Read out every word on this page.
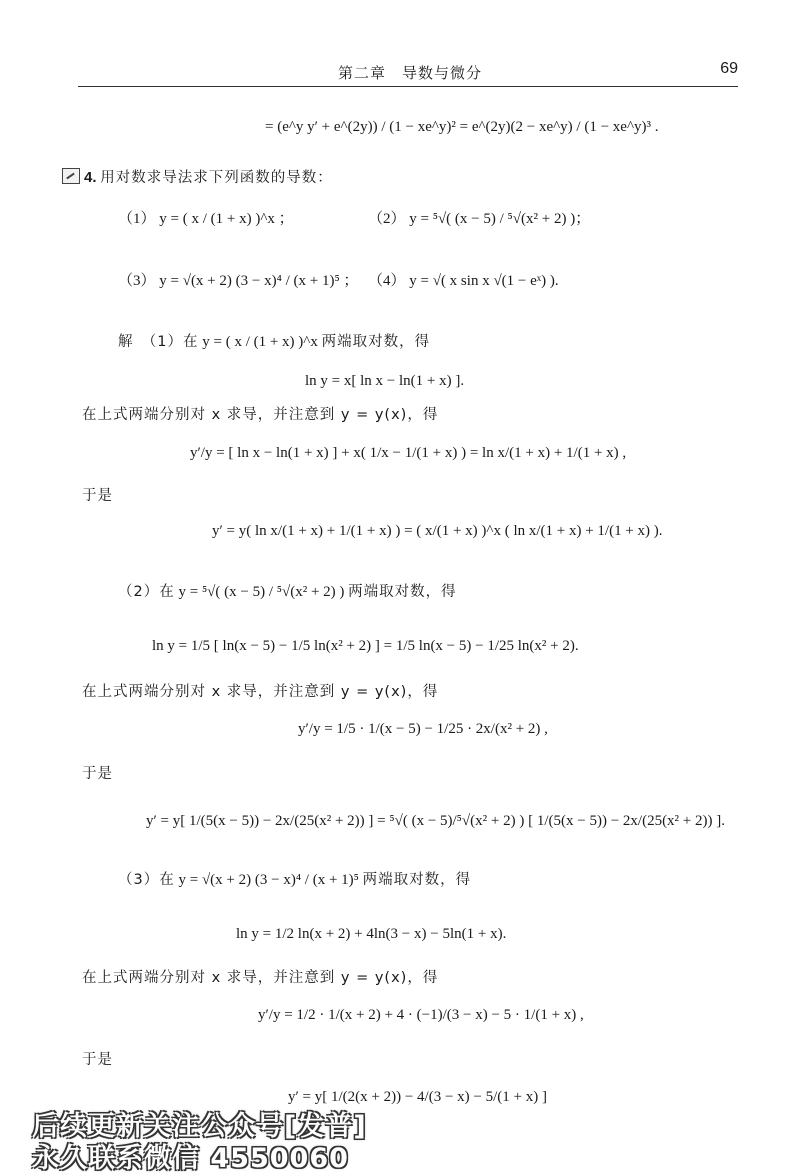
第二章　导数与微分	69
= (e^y y′ + e^(2y)) / (1 − xe^y)² = e^(2y)(2 − xe^y) / (1 − xe^y)³ .
4. 用对数求导法求下列函数的导数：
（1） y = ( x / (1 + x) )^x ；	（2） y = ⁵√( (x − 5) / ⁵√(x² + 2) )；
（3） y = √(x + 2) (3 − x)⁴ / (x + 1)⁵ ； （4） y = √( x sin x √(1 − eˣ) ).
解　（1）在 y = ( x / (1 + x) )^x 两端取对数，得
ln y = x[ ln x − ln(1 + x) ].
在上式两端分别对 x 求导，并注意到 y = y(x)，得
y′/y = [ ln x − ln(1 + x) ] + x( 1/x − 1/(1 + x) ) = ln x/(1 + x) + 1/(1 + x) ,
于是
y′ = y( ln x/(1 + x) + 1/(1 + x) ) = ( x/(1 + x) )^x ( ln x/(1 + x) + 1/(1 + x) ).
（2）在 y = ⁵√( (x − 5) / ⁵√(x² + 2) ) 两端取对数，得
ln y = 1/5 [ ln(x − 5) − 1/5 ln(x² + 2) ] = 1/5 ln(x − 5) − 1/25 ln(x² + 2).
在上式两端分别对 x 求导，并注意到 y = y(x)，得
y′/y = 1/5 · 1/(x − 5) − 1/25 · 2x/(x² + 2) ,
于是
y′ = y[ 1/(5(x − 5)) − 2x/(25(x² + 2)) ] = ⁵√( (x − 5)/⁵√(x² + 2) ) [ 1/(5(x − 5)) − 2x/(25(x² + 2)) ].
（3）在 y = √(x + 2) (3 − x)⁴ / (x + 1)⁵ 两端取对数，得
ln y = 1/2 ln(x + 2) + 4ln(3 − x) − 5ln(1 + x).
在上式两端分别对 x 求导，并注意到 y = y(x)，得
y′/y = 1/2 · 1/(x + 2) + 4 · (−1)/(3 − x) − 5 · 1/(1 + x) ,
于是
y′ = y[ 1/(2(x + 2)) − 4/(3 − x) − 5/(1 + x) ]
后续更新关注公众号[发普]
永久联系微信 4550060
